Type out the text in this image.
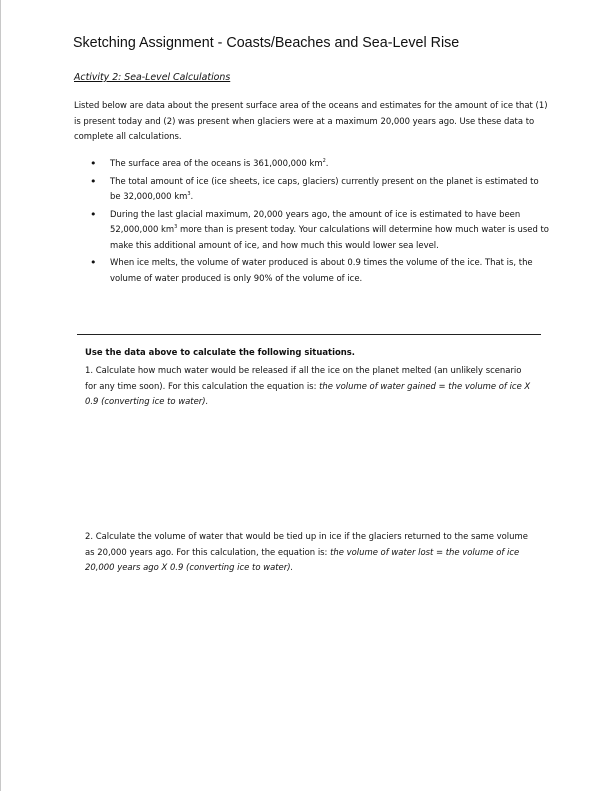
Sketching Assignment - Coasts/Beaches and Sea-Level Rise
Activity 2: Sea-Level Calculations

Listed below are data about the present surface area of the oceans and estimates for the amount of ice that (1) is present today and (2) was present when glaciers were at a maximum 20,000 years ago. Use these data to complete all calculations.

• The surface area of the oceans is 361,000,000 $km^2$.
• The total amount of ice (ice sheets, ice caps, glaciers) currently present on the planet is estimated to be 32,000,000 $km^3$.
• During the last glacial maximum, 20,000 years ago, the amount of ice is estimated to have been 52,000,000 $km^3$ more than is present today. Your calculations will determine how much water is used to make this additional amount of ice, and how much this would lower sea level.
• When ice melts, the volume of water produced is about 0.9 times the volume of the ice. That is, the volume of water produced is only 90% of the volume of ice.
Use the data above to calculate the following situations.

1. Calculate how much water would be released if all the ice on the planet melted (an unlikely scenario for any time soon). For this calculation the equation is: the volume of water gained = the volume of ice X 0.9 (converting ice to water).

2. Calculate the volume of water that would be tied up in ice if the glaciers returned to the same volume as 20,000 years ago. For this calculation, the equation is: the volume of water lost = the volume of ice 20,000 years ago X 0.9 (converting ice to water).
